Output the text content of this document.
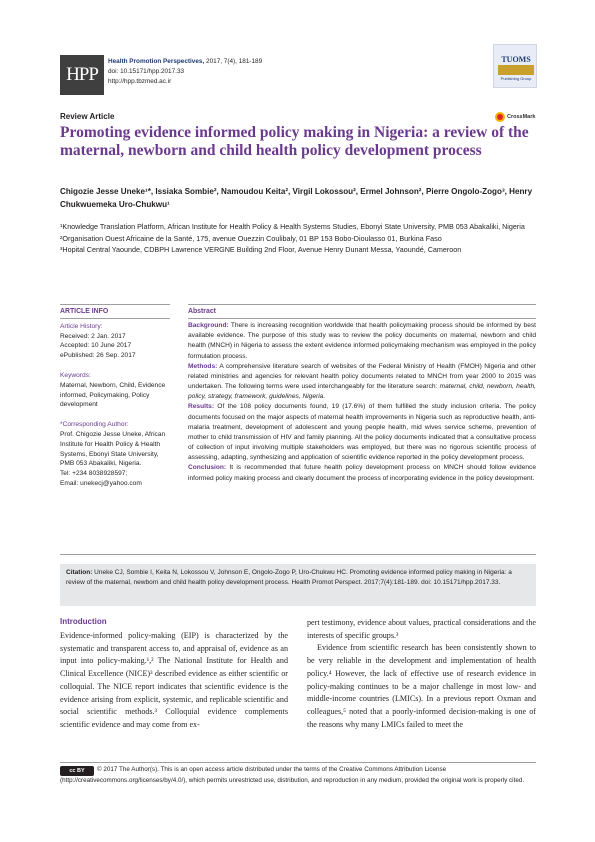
HPP
Health Promotion Perspectives, 2017, 7(4), 181-189
doi: 10.15171/hpp.2017.33
http://hpp.tbzmed.ac.ir
TUOMS
Publishing Group
CrossMark
Review Article
Promoting evidence informed policy making in Nigeria: a review of the maternal, newborn and child health policy development process
Chigozie Jesse Uneke¹*, Issiaka Sombie², Namoudou Keita², Virgil Lokossou², Ermel Johnson², Pierre Ongolo-Zogo³, Henry Chukwuemeka Uro-Chukwu¹

¹Knowledge Translation Platform, African Institute for Health Policy & Health Systems Studies, Ebonyi State University, PMB 053 Abakaliki, Nigeria

²Organisation Ouest Africaine de la Santé, 175, avenue Ouezzin Coulibaly, 01 BP 153 Bobo-Dioulasso 01, Burkina Faso

³Hopital Central Yaounde, CDBPH Lawrence VERGNE Building 2nd Floor, Avenue Henry Dunant Messa, Yaoundé, Cameroon

ARTICLE INFO
Article History:
Received: 2 Jan. 2017
Accepted: 10 June 2017
ePublished: 26 Sep. 2017
Keywords:
Maternal, Newborn, Child, Evidence informed, Policymaking, Policy development
*Corresponding Author:
Prof. Chigozie Jesse Uneke, African Institute for Health Policy & Health Systems, Ebonyi State University, PMB 053 Abakaliki, Nigeria.
Tel: +234 8038928597;
Email: unekecj@yahoo.com
Abstract

Background: There is increasing recognition worldwide that health policymaking process should be informed by best available evidence. The purpose of this study was to review the policy documents on maternal, newborn and child health (MNCH) in Nigeria to assess the extent evidence informed policymaking mechanism was employed in the policy formulation process.

Methods: A comprehensive literature search of websites of the Federal Ministry of Health (FMOH) Nigeria and other related ministries and agencies for relevant health policy documents related to MNCH from year 2000 to 2015 was undertaken. The following terms were used interchangeably for the literature search: maternal, child, newborn, health, policy, strategy, framework, guidelines, Nigeria.

Results: Of the 108 policy documents found, 19 (17.6%) of them fulfilled the study inclusion criteria. The policy documents focused on the major aspects of maternal health improvements in Nigeria such as reproductive health, anti-malaria treatment, development of adolescent and young people health, mid wives service scheme, prevention of mother to child transmission of HIV and family planning. All the policy documents indicated that a consultative process of collection of input involving multiple stakeholders was employed, but there was no rigorous scientific process of assessing, adapting, synthesizing and application of scientific evidence reported in the policy development process.

Conclusion: It is recommended that future health policy development process on MNCH should follow evidence informed policy making process and clearly document the process of incorporating evidence in the policy development.

Citation: Uneke CJ, Sombie I, Keita N, Lokossou V, Johnson E, Ongolo-Zogo P, Uro-Chukwu HC. Promoting evidence informed policy making in Nigeria: a review of the maternal, newborn and child health policy development process. Health Promot Perspect. 2017;7(4):181-189. doi: 10.15171/hpp.2017.33.
Introduction

Evidence-informed policy-making (EIP) is characterized by the systematic and transparent access to, and appraisal of, evidence as an input into policy-making.¹,² The National Institute for Health and Clinical Excellence (NICE)³ described evidence as either scientific or colloquial. The NICE report indicates that scientific evidence is the evidence arising from explicit, systemic, and replicable scientific and social scientific methods.³ Colloquial evidence complements scientific evidence and may come from ex-

pert testimony, evidence about values, practical considerations and the interests of specific groups.³

Evidence from scientific research has been consistently shown to be very reliable in the development and implementation of health policy.⁴ However, the lack of effective use of research evidence in policy-making continues to be a major challenge in most low- and middle-income countries (LMICs). In a previous report Oxman and colleagues,⁵ noted that a poorly-informed decision-making is one of the reasons why many LMICs failed to meet the

cc BY © 2017 The Author(s). This is an open access article distributed under the terms of the Creative Commons Attribution License (http://creativecommons.org/licenses/by/4.0/), which permits unrestricted use, distribution, and reproduction in any medium, provided the original work is properly cited.
